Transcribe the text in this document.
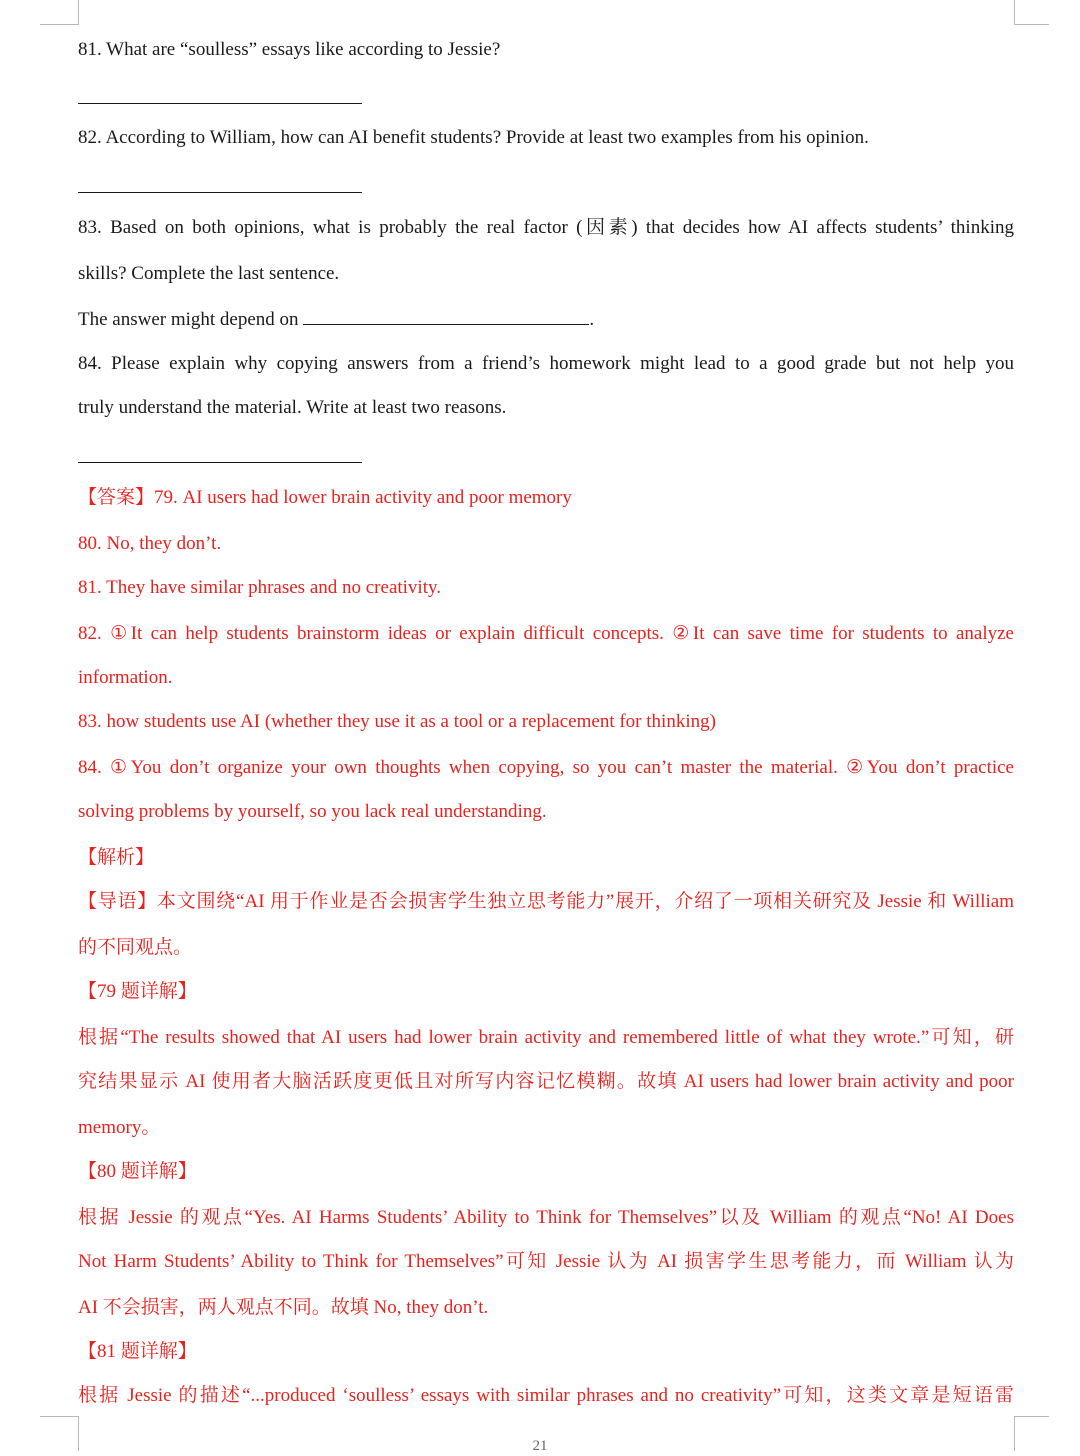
81. What are “soulless” essays like according to Jessie?
82. According to William, how can AI benefit students? Provide at least two examples from his opinion.
83. Based on both opinions, what is probably the real factor (因素) that decides how AI affects students’ thinking
skills? Complete the last sentence.
The answer might depend on	.
84. Please explain why copying answers from a friend’s homework might lead to a good grade but not help you
truly understand the material. Write at least two reasons.
【答案】79. AI users had lower brain activity and poor memory
80. No, they don’t.
81. They have similar phrases and no creativity.
82. ①It can help students brainstorm ideas or explain difficult concepts. ②It can save time for students to analyze
information.
83. how students use AI (whether they use it as a tool or a replacement for thinking)
84. ①You don’t organize your own thoughts when copying, so you can’t master the material. ②You don’t practice
solving problems by yourself, so you lack real understanding.
【解析】
【导语】本文围绕“AI 用于作业是否会损害学生独立思考能力”展开，介绍了一项相关研究及 Jessie 和 William
的不同观点。
【79 题详解】
根据“The results showed that AI users had lower brain activity and remembered little of what they wrote.”可知，研
究结果显示 AI 使用者大脑活跃度更低且对所写内容记忆模糊。故填 AI users had lower brain activity and poor
memory。
【80 题详解】
根据 Jessie 的观点“Yes. AI Harms Students’ Ability to Think for Themselves”以及 William 的观点“No! AI Does
Not Harm Students’ Ability to Think for Themselves”可知 Jessie 认为 AI 损害学生思考能力，而 William 认为
AI 不会损害，两人观点不同。故填 No, they don’t.
【81 题详解】
根据 Jessie 的描述“...produced ‘soulless’ essays with similar phrases and no creativity”可知，这类文章是短语雷
21
